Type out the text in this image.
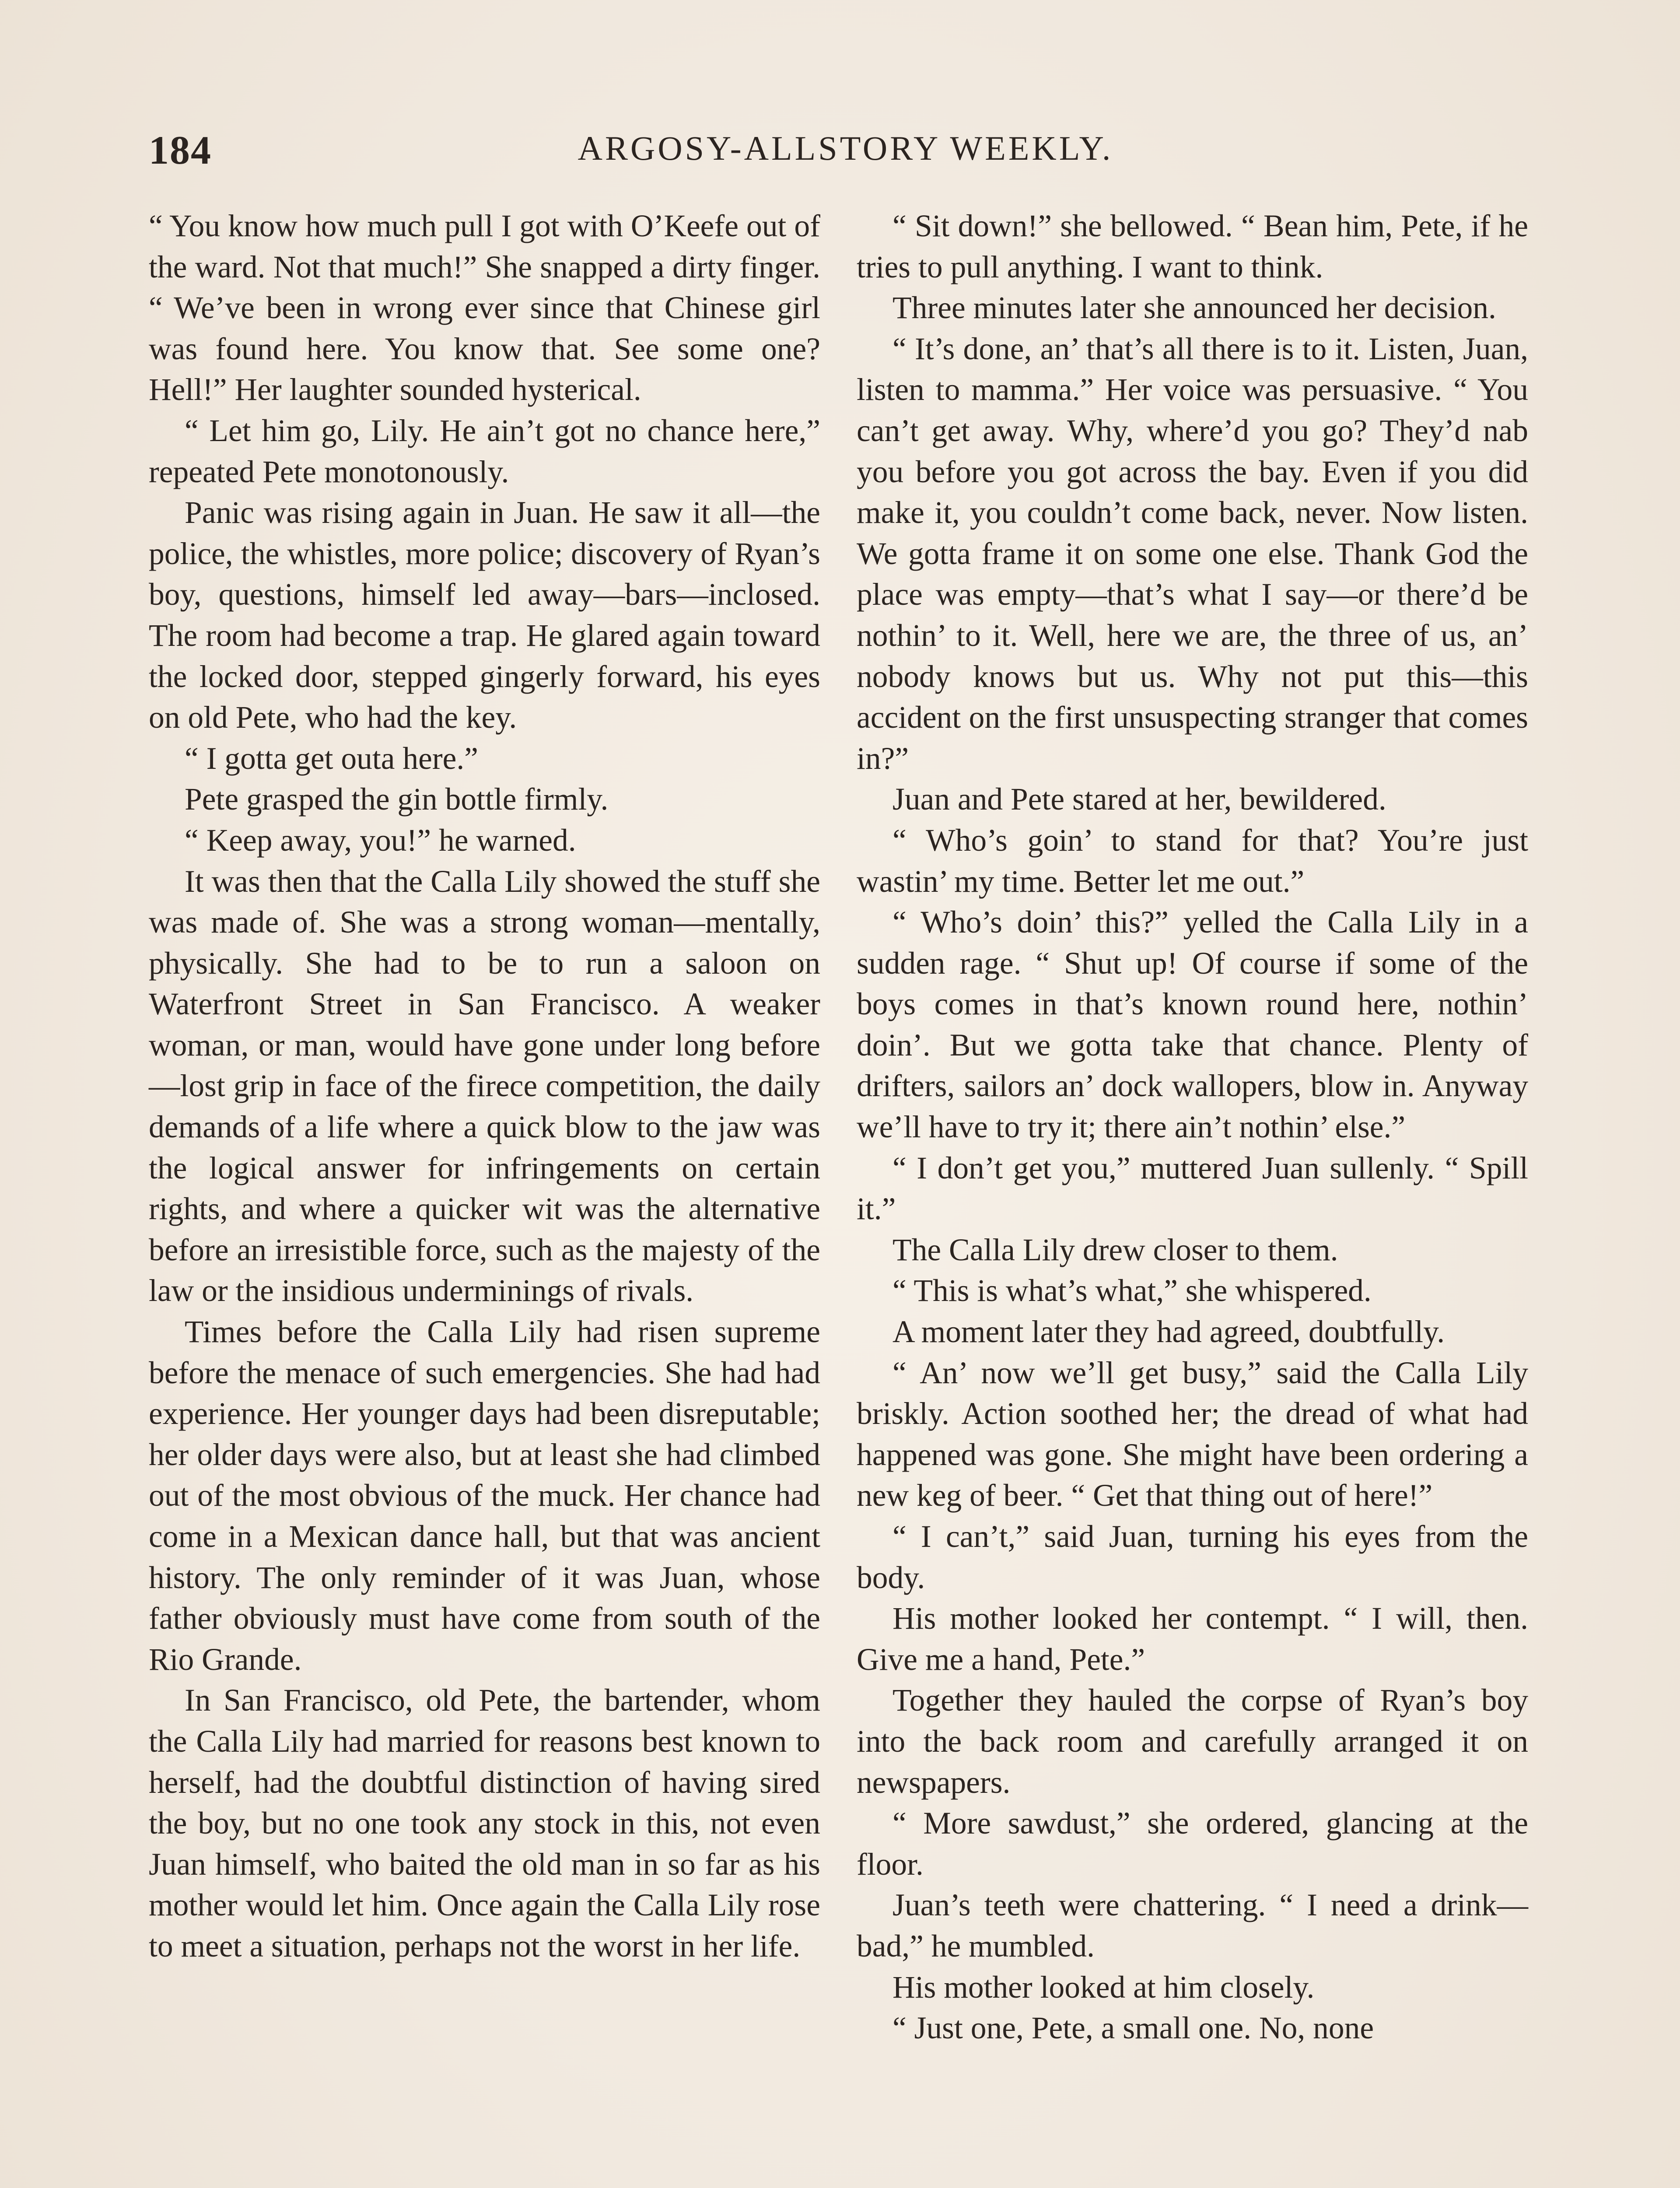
184	ARGOSY-ALLSTORY WEEKLY.

“ You know how much pull I got with O’Keefe out of the ward. Not that much!” She snapped a dirty finger. “ We’ve been in wrong ever since that Chinese girl was found here. You know that. See some one? Hell!” Her laughter sounded hysterical.

“ Let him go, Lily. He ain’t got no chance here,” repeated Pete monotonously.

Panic was rising again in Juan. He saw it all—the police, the whistles, more police; discovery of Ryan’s boy, questions, himself led away—bars—inclosed. The room had become a trap. He glared again toward the locked door, stepped gingerly forward, his eyes on old Pete, who had the key.

“ I gotta get outa here.”

Pete grasped the gin bottle firmly.

“ Keep away, you!” he warned.

It was then that the Calla Lily showed the stuff she was made of. She was a strong woman—mentally, physically. She had to be to run a saloon on Waterfront Street in San Francisco. A weaker woman, or man, would have gone under long before —lost grip in face of the firece competition, the daily demands of a life where a quick blow to the jaw was the logical answer for infringements on certain rights, and where a quicker wit was the alternative before an irresistible force, such as the majesty of the law or the insidious underminings of rivals.

Times before the Calla Lily had risen supreme before the menace of such emergencies. She had had experience. Her younger days had been disreputable; her older days were also, but at least she had climbed out of the most obvious of the muck. Her chance had come in a Mexican dance hall, but that was ancient history. The only reminder of it was Juan, whose father obviously must have come from south of the Rio Grande.

In San Francisco, old Pete, the bartender, whom the Calla Lily had married for reasons best known to herself, had the doubtful distinction of having sired the boy, but no one took any stock in this, not even Juan himself, who baited the old man in so far as his mother would let him. Once again the Calla Lily rose to meet a situation, perhaps not the worst in her life.

“ Sit down!” she bellowed. “ Bean him, Pete, if he tries to pull anything. I want to think.

Three minutes later she announced her decision.

“ It’s done, an’ that’s all there is to it. Listen, Juan, listen to mamma.” Her voice was persuasive. “ You can’t get away. Why, where’d you go? They’d nab you before you got across the bay. Even if you did make it, you couldn’t come back, never. Now listen. We gotta frame it on some one else. Thank God the place was empty—that’s what I say—or there’d be nothin’ to it. Well, here we are, the three of us, an’ nobody knows but us. Why not put this—this accident on the first unsuspecting stranger that comes in?”

Juan and Pete stared at her, bewildered.

“ Who’s goin’ to stand for that? You’re just wastin’ my time. Better let me out.”

“ Who’s doin’ this?” yelled the Calla Lily in a sudden rage. “ Shut up! Of course if some of the boys comes in that’s known round here, nothin’ doin’. But we gotta take that chance. Plenty of drifters, sailors an’ dock wallopers, blow in. Anyway we’ll have to try it; there ain’t nothin’ else.”

“ I don’t get you,” muttered Juan sullenly. “ Spill it.”

The Calla Lily drew closer to them.

“ This is what’s what,” she whispered.

A moment later they had agreed, doubtfully.

“ An’ now we’ll get busy,” said the Calla Lily briskly. Action soothed her; the dread of what had happened was gone. She might have been ordering a new keg of beer. “ Get that thing out of here!”

“ I can’t,” said Juan, turning his eyes from the body.

His mother looked her contempt. “ I will, then. Give me a hand, Pete.”

Together they hauled the corpse of Ryan’s boy into the back room and carefully arranged it on newspapers.

“ More sawdust,” she ordered, glancing at the floor.

Juan’s teeth were chattering. “ I need a drink—bad,” he mumbled.

His mother looked at him closely.

“ Just one, Pete, a small one. No, none
